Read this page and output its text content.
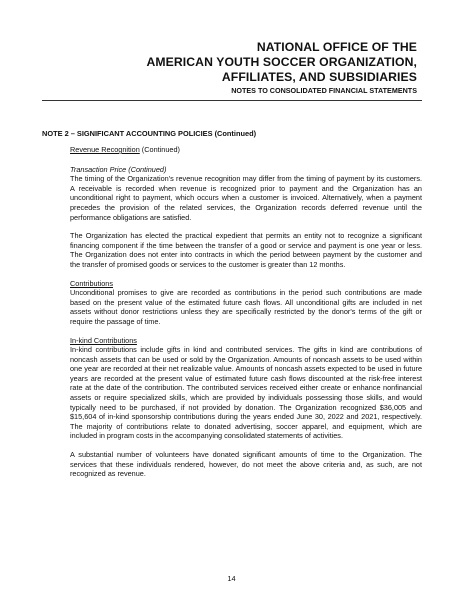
NATIONAL OFFICE OF THE
AMERICAN YOUTH SOCCER ORGANIZATION,
AFFILIATES, AND SUBSIDIARIES
NOTES TO CONSOLIDATED FINANCIAL STATEMENTS
NOTE 2 – SIGNIFICANT ACCOUNTING POLICIES (Continued)
Revenue Recognition (Continued)
Transaction Price (Continued)

The timing of the Organization's revenue recognition may differ from the timing of payment by its customers. A receivable is recorded when revenue is recognized prior to payment and the Organization has an unconditional right to payment, which occurs when a customer is invoiced. Alternatively, when a payment precedes the provision of the related services, the Organization records deferred revenue until the performance obligations are satisfied.

The Organization has elected the practical expedient that permits an entity not to recognize a significant financing component if the time between the transfer of a good or service and payment is one year or less. The Organization does not enter into contracts in which the period between payment by the customer and the transfer of promised goods or services to the customer is greater than 12 months.

Contributions

Unconditional promises to give are recorded as contributions in the period such contributions are made based on the present value of the estimated future cash flows. All unconditional gifts are included in net assets without donor restrictions unless they are specifically restricted by the donor's terms of the gift or require the passage of time.

In-kind Contributions

In-kind contributions include gifts in kind and contributed services. The gifts in kind are contributions of noncash assets that can be used or sold by the Organization. Amounts of noncash assets to be used within one year are recorded at their net realizable value. Amounts of noncash assets expected to be used in future years are recorded at the present value of estimated future cash flows discounted at the risk-free interest rate at the date of the contribution. The contributed services received either create or enhance nonfinancial assets or require specialized skills, which are provided by individuals possessing those skills, and would typically need to be purchased, if not provided by donation. The Organization recognized $36,005 and $15,604 of in-kind sponsorship contributions during the years ended June 30, 2022 and 2021, respectively. The majority of contributions relate to donated advertising, soccer apparel, and equipment, which are included in program costs in the accompanying consolidated statements of activities.

A substantial number of volunteers have donated significant amounts of time to the Organization. The services that these individuals rendered, however, do not meet the above criteria and, as such, are not recognized as revenue.

14
